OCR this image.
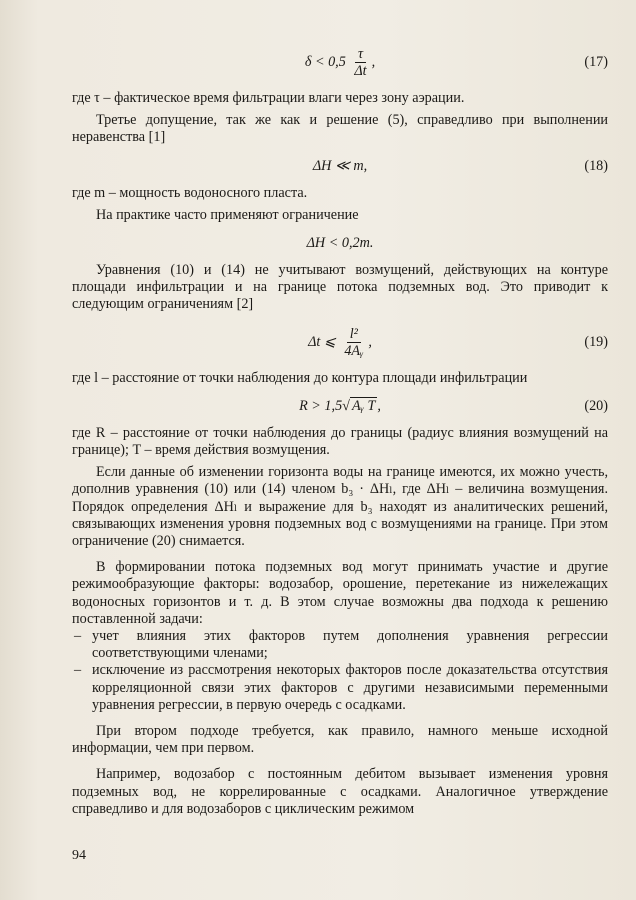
$\delta < 0,5 \frac{\tau}{\Delta t}$ ,	(17)

где τ – фактическое время фильтрации влаги через зону аэрации.

Третье допущение, так же как и решение (5), справедливо при выполнении неравенства [1]

ΔH ≪ m,	(18)

где m – мощность водоносного пласта.

На практике часто применяют ограничение

ΔH < 0,2m.

Уравнения (10) и (14) не учитывают возмущений, действующих на контуре площади инфильтрации и на границе потока подземных вод. Это приводит к следующим ограничениям [2]

Δt ⩽ $\frac{\text{l²}}{\text{4Aᵧ}}$ ,	(19)

где l – расстояние от точки наблюдения до контура площади инфильтрации

R > 1,5√ Aᵧ T ,	(20)

где R – расстояние от точки наблюдения до границы (радиус влияния возмущений на границе); T – время действия возмущения.

Если данные об изменении горизонта воды на границе имеются, их можно учесть, дополнив уравнения (10) или (14) членом b₃ · ΔHₗ, где ΔHₗ – величина возмущения. Порядок определения ΔHₗ и выражение для b₃ находят из аналитических решений, связывающих изменения уровня подземных вод с возмущениями на границе. При этом ограничение (20) снимается.

В формировании потока подземных вод могут принимать участие и другие режимообразующие факторы: водозабор, орошение, перетекание из нижележащих водоносных горизонтов и т. д. В этом случае возможны два подхода к решению поставленной задачи:

– учет влияния этих факторов путем дополнения уравнения регрессии соответствующими членами;
– исключение из рассмотрения некоторых факторов после доказательства отсутствия корреляционной связи этих факторов с другими независимыми переменными уравнения регрессии, в первую очередь с осадками.

При втором подходе требуется, как правило, намного меньше исходной информации, чем при первом.

Например, водозабор с постоянным дебитом вызывает изменения уровня подземных вод, не коррелированные с осадками. Аналогичное утверждение справедливо и для водозаборов с циклическим режимом

94
